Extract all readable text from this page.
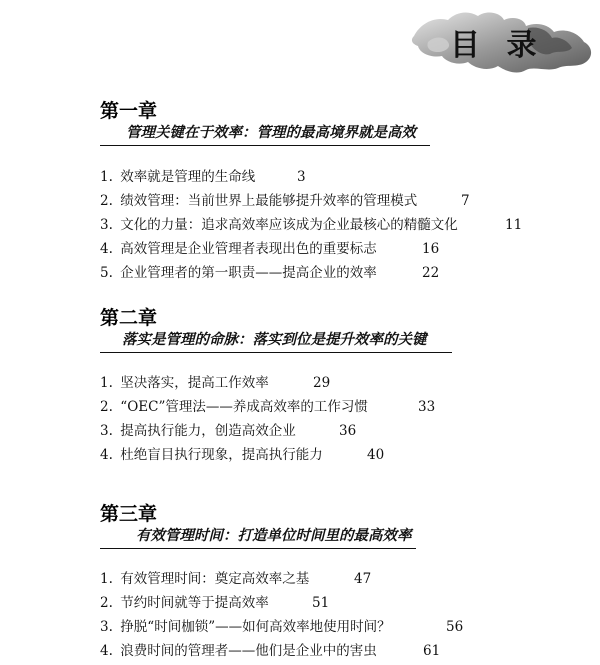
目 录
第一章
管理关键在于效率：管理的最高境界就是高效
1. 效率就是管理的生命线	3
2. 绩效管理：当前世界上最能够提升效率的管理模式	7
3. 文化的力量：追求高效率应该成为企业最核心的精髓文化	11
4. 高效管理是企业管理者表现出色的重要标志	16
5. 企业管理者的第一职责——提高企业的效率	22
第二章
落实是管理的命脉：落实到位是提升效率的关键
1. 坚决落实，提高工作效率	29
2. “OEC”管理法——养成高效率的工作习惯	33
3. 提高执行能力，创造高效企业	36
4. 杜绝盲目执行现象，提高执行能力	40
第三章
有效管理时间：打造单位时间里的最高效率
1. 有效管理时间：奠定高效率之基	47
2. 节约时间就等于提高效率	51
3. 挣脱“时间枷锁”——如何高效率地使用时间？	56
4. 浪费时间的管理者——他们是企业中的害虫	61
